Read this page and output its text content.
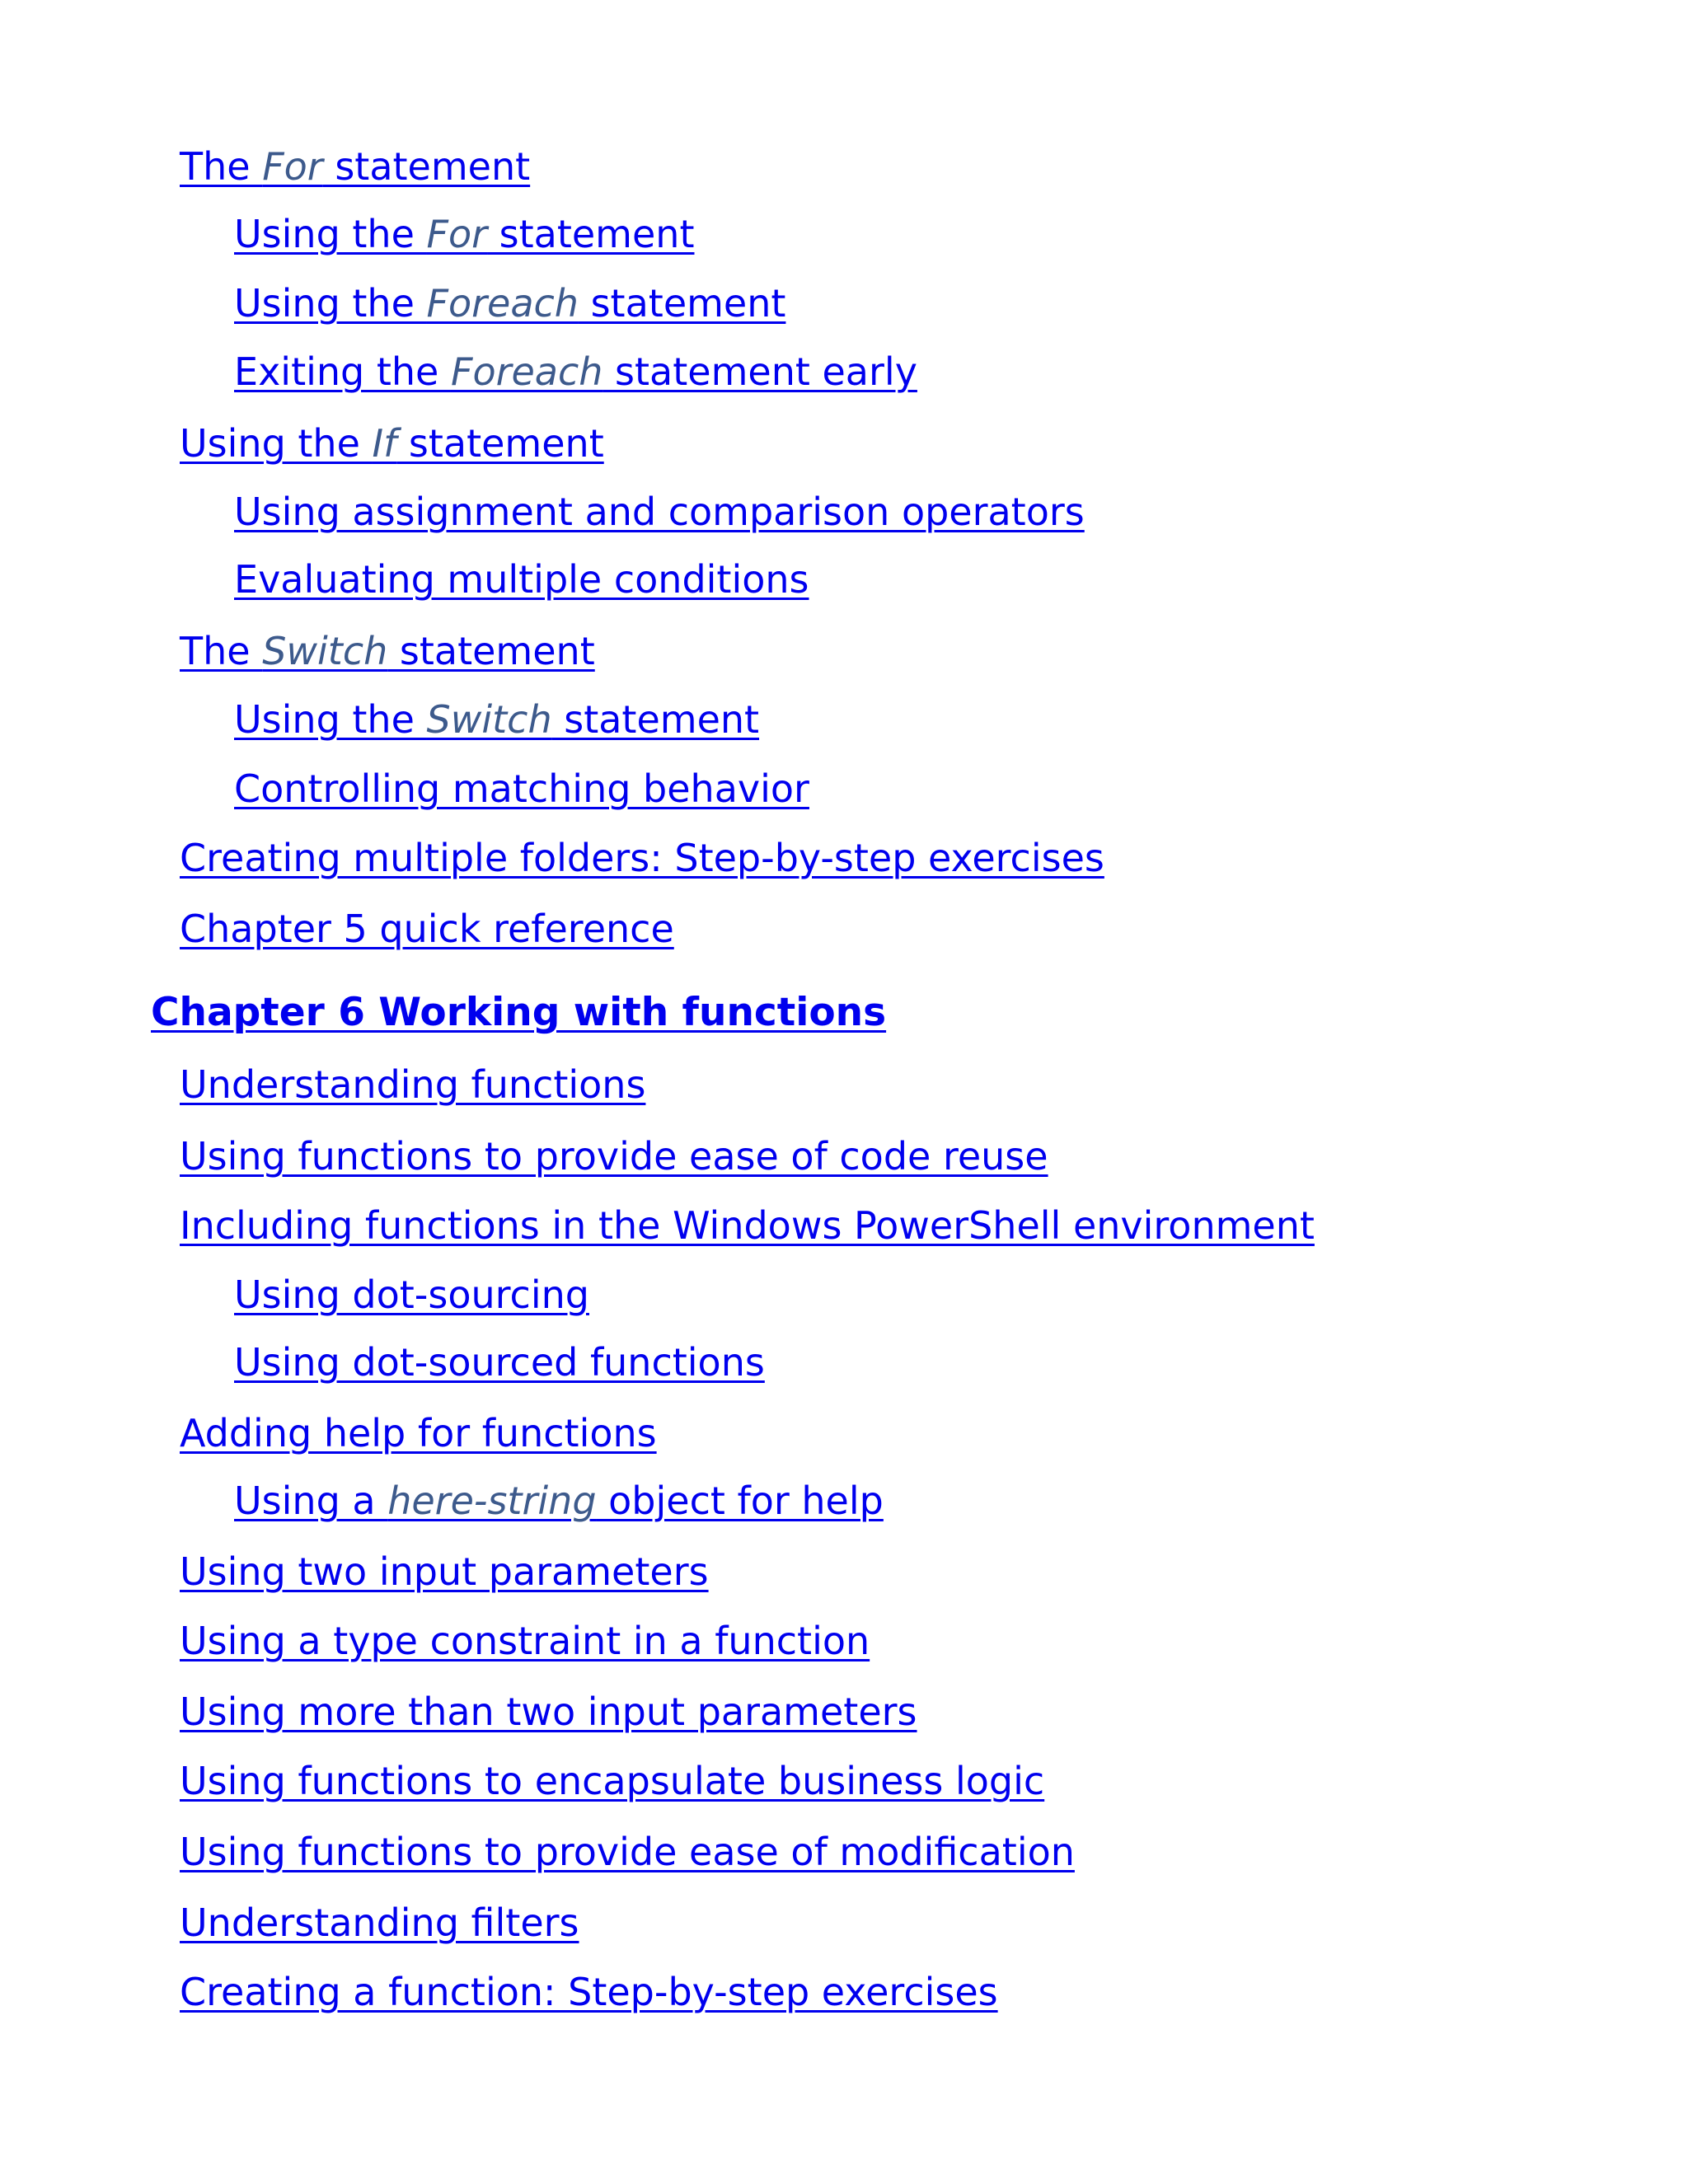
The For statement
Using the For statement
Using the Foreach statement
Exiting the Foreach statement early
Using the If statement
Using assignment and comparison operators
Evaluating multiple conditions
The Switch statement
Using the Switch statement
Controlling matching behavior
Creating multiple folders: Step-by-step exercises
Chapter 5 quick reference
Chapter 6 Working with functions
Understanding functions
Using functions to provide ease of code reuse
Including functions in the Windows PowerShell environment
Using dot-sourcing
Using dot-sourced functions
Adding help for functions
Using a here-string object for help
Using two input parameters
Using a type constraint in a function
Using more than two input parameters
Using functions to encapsulate business logic
Using functions to provide ease of modification
Understanding filters
Creating a function: Step-by-step exercises
